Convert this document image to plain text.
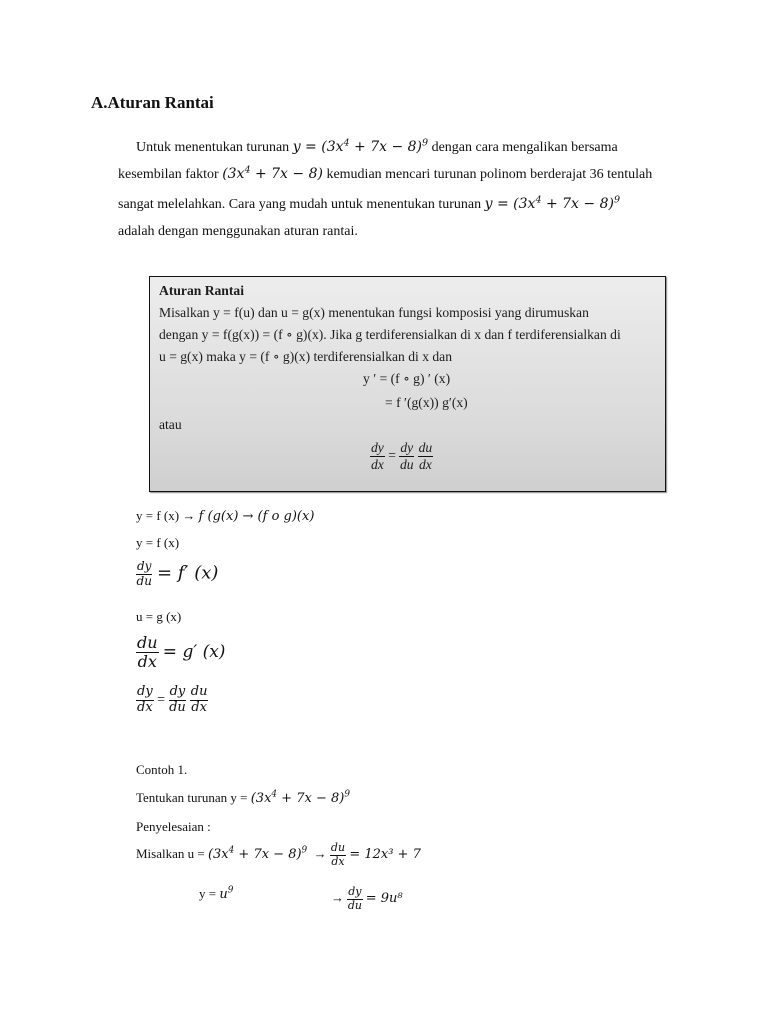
A.Aturan Rantai
Untuk menentukan turunan $y = (3x^4 + 7x - 8)^9$ dengan cara mengalikan bersama
kesembilan faktor $(3x^4 + 7x - 8)$ kemudian mencari turunan polinom berderajat 36 tentulah
sangat melelahkan. Cara yang mudah untuk menentukan turunan $y = (3x^4 + 7x - 8)^9$
adalah dengan menggunakan aturan rantai.
Aturan Rantai
Misalkan y = f(u) dan u = g(x) menentukan fungsi komposisi yang dirumuskan
dengan y = f(g(x)) = (f ∘ g)(x). Jika g terdiferensialkan di x dan f terdiferensialkan di
u = g(x) maka y = (f ∘ g)(x) terdiferensialkan di x dan
y ′ = (f ∘ g) ′ (x)
= f ′(g(x)) g′(x)
atau
$\frac{dy}{dx} = \frac{dy}{du}$
$\frac{du}{dx}$
y = f (x) → 𝑓 (𝑔(𝑥) → (𝑓 𝑜 𝑔)(𝑥)
y = f (x)
$\frac{dy}{du}$ = 𝑓′ (𝑥)
u = g (x)
$\frac{du}{dx}$ = 𝑔′ (𝑥)
$\frac{dy}{dx} = \frac{dy}{du}$
$\frac{du}{dx}$
Contoh 1.
Tentukan turunan $y = (3x^4 + 7x - 8)^9$
Penyelesaian :
Misalkan $u = (3x^4 + 7x - 8)^9 \to \frac{du}{dx}$ = 12𝑥³ + 7
$y = u^9$	→ $\frac{dy}{du}$ = 9𝑢⁸
